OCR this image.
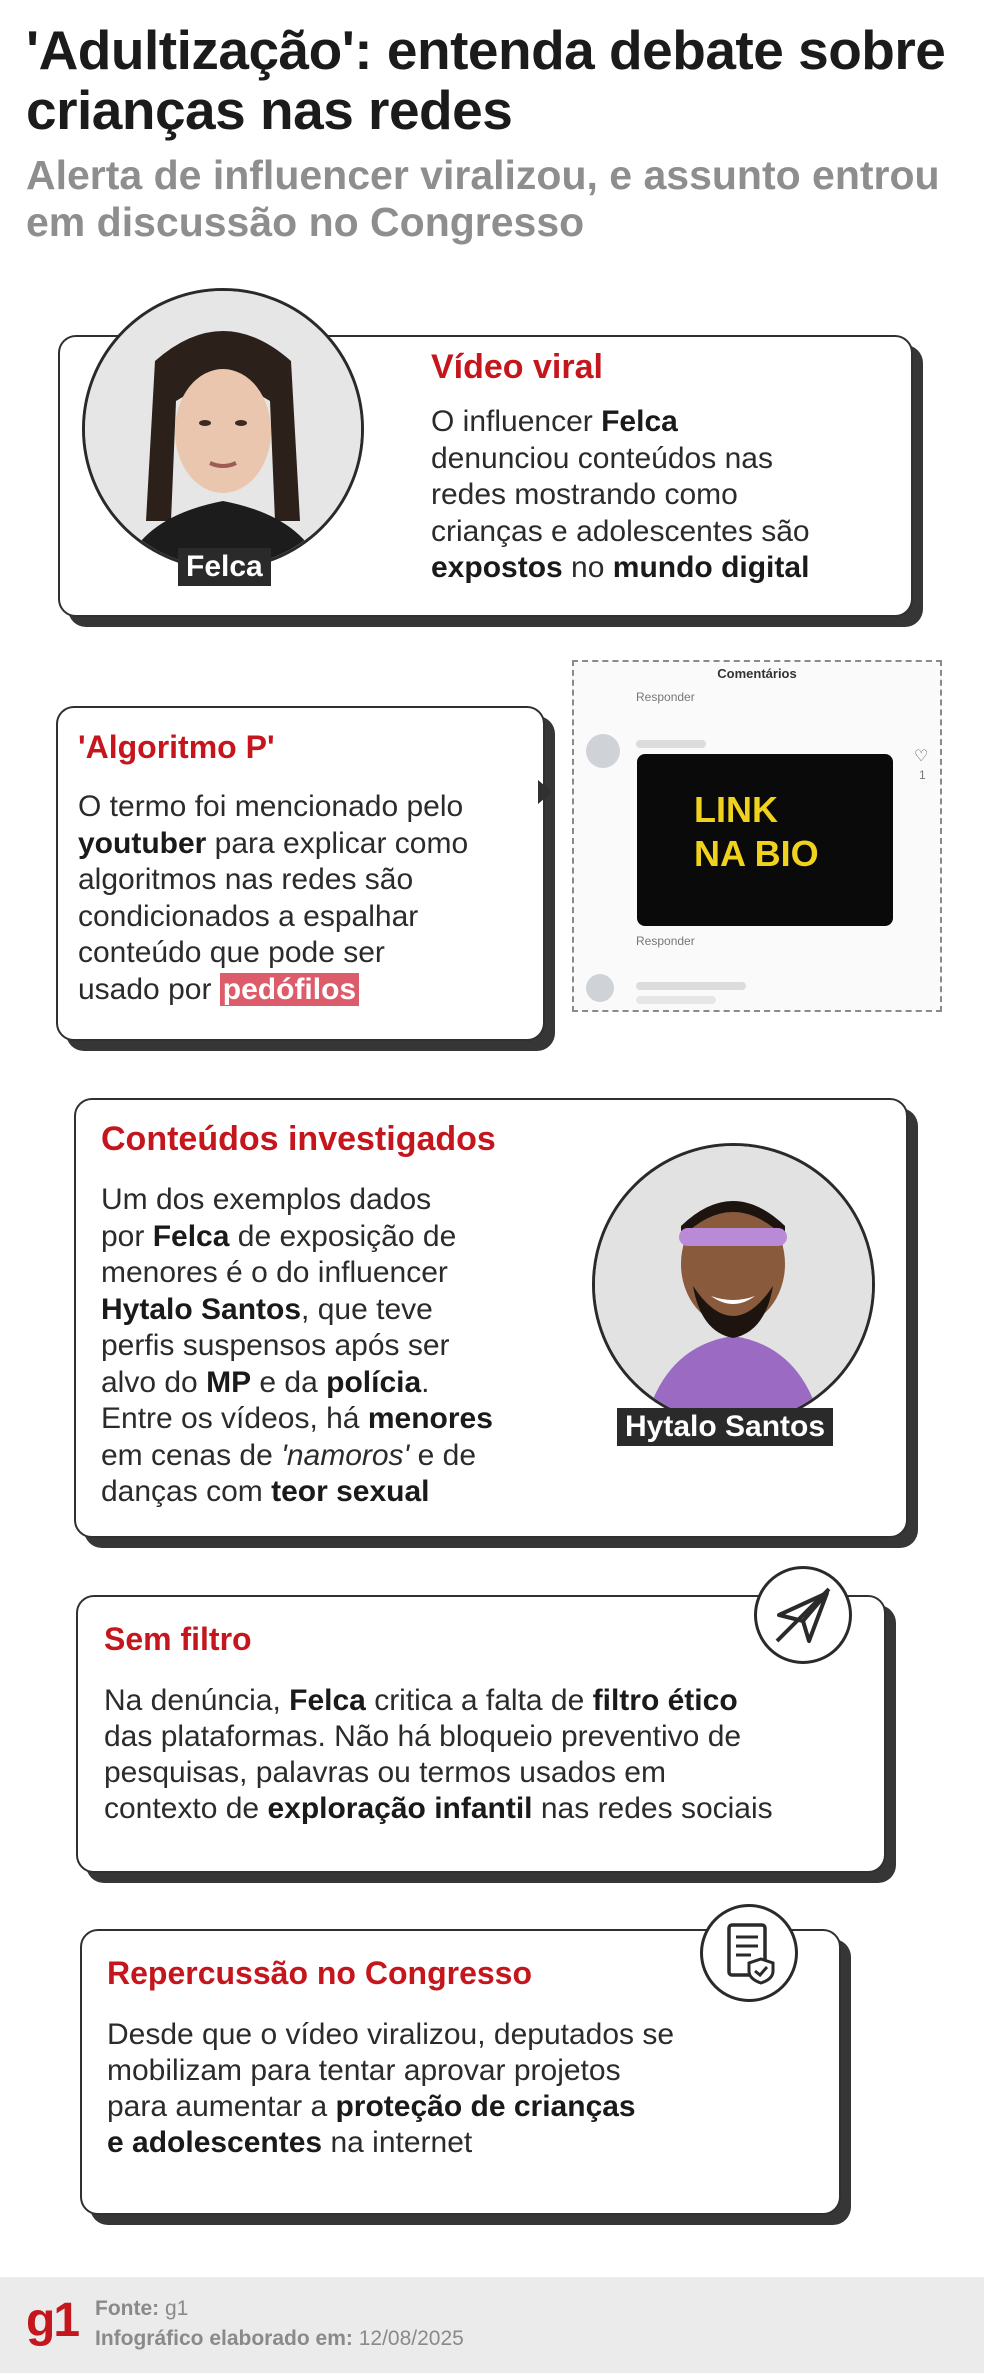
'Adultização': entenda debate sobre crianças nas redes
Alerta de influencer viralizou, e assunto entrou em discussão no Congresso
Felca
Vídeo viral
O influencer Felca
denunciou conteúdos nas
redes mostrando como
crianças e adolescentes são
expostos no mundo digital
'Algoritmo P'
O termo foi mencionado pelo
youtuber para explicar como
algoritmos nas redes são
condicionados a espalhar
conteúdo que pode ser
usado por pedófilos
Comentários
Responder
LINK
NA BIO
♡
1
Responder
Conteúdos investigados
Um dos exemplos dados
por Felca de exposição de
menores é o do influencer
Hytalo Santos, que teve
perfis suspensos após ser
alvo do MP e da polícia.
Entre os vídeos, há menores
em cenas de 'namoros' e de
danças com teor sexual
Hytalo Santos
Sem filtro
Na denúncia, Felca critica a falta de filtro ético
das plataformas. Não há bloqueio preventivo de
pesquisas, palavras ou termos usados em
contexto de exploração infantil nas redes sociais
Repercussão no Congresso
Desde que o vídeo viralizou, deputados se
mobilizam para tentar aprovar projetos
para aumentar a proteção de crianças
e adolescentes na internet
g1 Fonte: g1
Infográfico elaborado em: 12/08/2025
